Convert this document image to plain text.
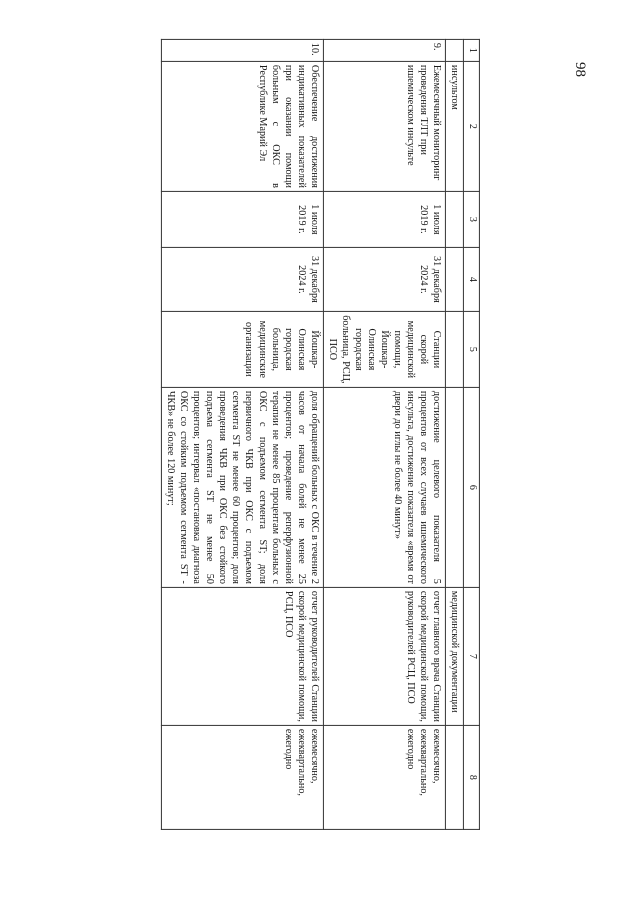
98
1	2	3	4	5	6	7	8
	инсультом					медицинской документации	
9.	Ежемесячный мониторинг проведения ТЛТ при ишемическом инсульте	1 июля 2019 г.	31 декабря 2024 г.	Станции скорой медицинской помощи, Йошкар-Олинская городская больница, РСЦ, ПСО	достижение целевого показателя 5 процентов от всех случаев ишемического инсульта, достижение показателя «время от двери до иглы не более 40 минут»	отчет главного врача Станции скорой медицинской помощи, руководителей РСЦ, ПСО	ежемесячно, ежеквартально, ежегодно
10.	Обеспечение достижения индикативных показателей при оказании помощи больным с ОКС в Республике Марий Эл	1 июля 2019 г.	31 декабря 2024 г.	Йошкар-Олинская городская больница, медицинские организации	доля обращений больных с ОКС в течение 2 часов от начала болей не менее 25 процентов; проведение реперфузионной терапии не менее 85 процентам больных с ОКС с подъемом сегмента ST; доля первичного ЧКВ при ОКС с подъемом сегмента ST не менее 60 процентов; доля проведения ЧКВ при ОКС без стойкого подъема сегмента ST не менее 50 процентов; интервал «постановка диагноза ОКС со стойким подъемом сегмента ST - ЧКВ» не более 120 минут;	отчет руководителей Станции скорой медицинской помощи, РСЦ, ПСО	ежемесячно, ежеквартально, ежегодно
